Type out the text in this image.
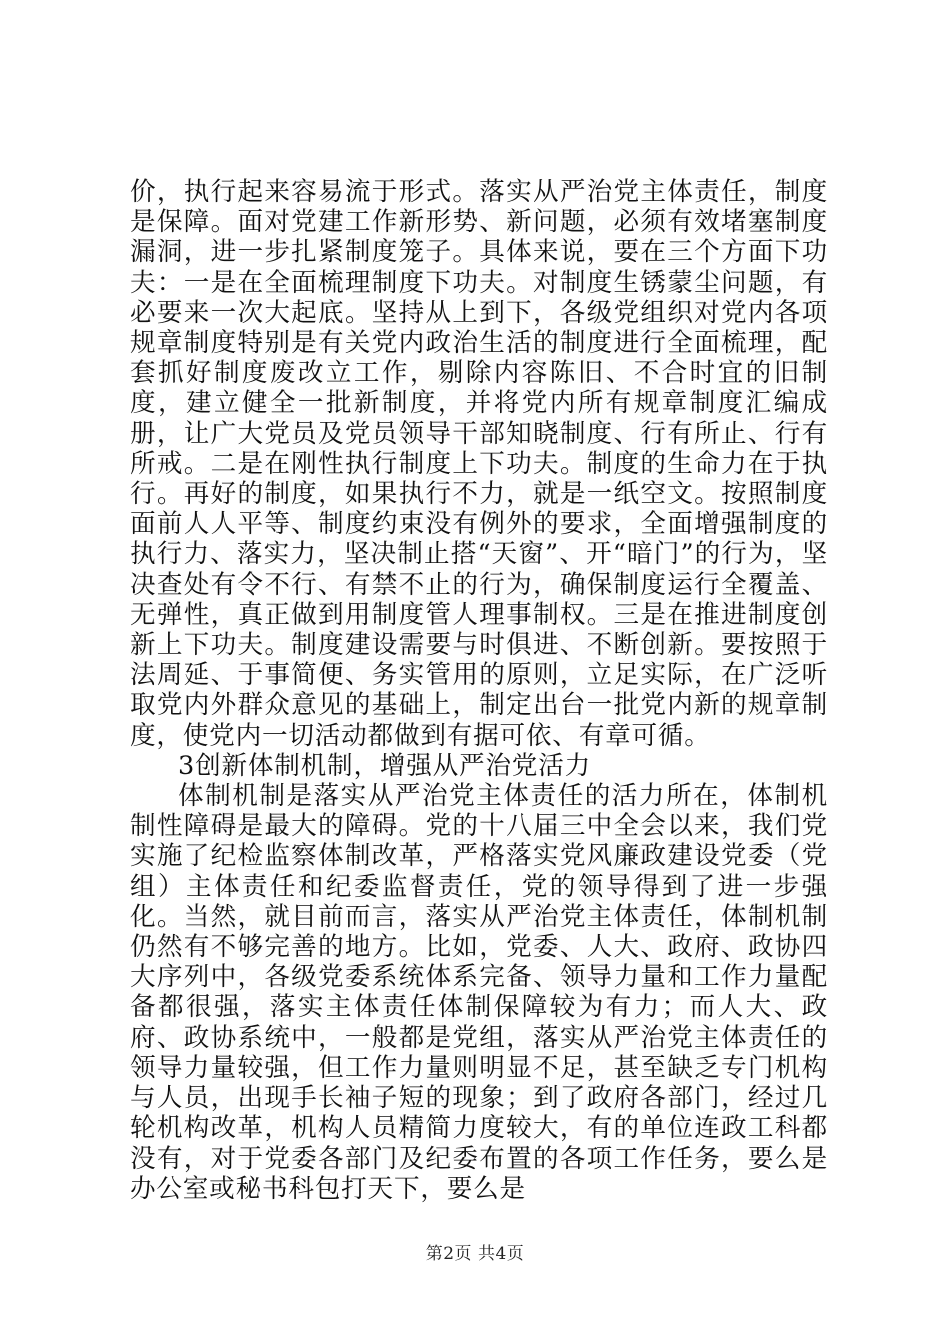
价，执行起来容易流于形式。落实从严治党主体责任，制度是保障。面对党建工作新形势、新问题，必须有效堵塞制度漏洞，进一步扎紧制度笼子。具体来说，要在三个方面下功夫：一是在全面梳理制度下功夫。对制度生锈蒙尘问题，有必要来一次大起底。坚持从上到下，各级党组织对党内各项规章制度特别是有关党内政治生活的制度进行全面梳理，配套抓好制度废改立工作，剔除内容陈旧、不合时宜的旧制度，建立健全一批新制度，并将党内所有规章制度汇编成册，让广大党员及党员领导干部知晓制度、行有所止、行有所戒。二是在刚性执行制度上下功夫。制度的生命力在于执行。再好的制度，如果执行不力，就是一纸空文。按照制度面前人人平等、制度约束没有例外的要求，全面增强制度的执行力、落实力，坚决制止搭“天窗”、开“暗门”的行为，坚决查处有令不行、有禁不止的行为，确保制度运行全覆盖、无弹性，真正做到用制度管人理事制权。三是在推进制度创新上下功夫。制度建设需要与时俱进、不断创新。要按照于法周延、于事简便、务实管用的原则，立足实际，在广泛听取党内外群众意见的基础上，制定出台一批党内新的规章制度，使党内一切活动都做到有据可依、有章可循。

3创新体制机制，增强从严治党活力

体制机制是落实从严治党主体责任的活力所在，体制机制性障碍是最大的障碍。党的十八届三中全会以来，我们党实施了纪检监察体制改革，严格落实党风廉政建设党委（党组）主体责任和纪委监督责任，党的领导得到了进一步强化。当然，就目前而言，落实从严治党主体责任，体制机制仍然有不够完善的地方。比如，党委、人大、政府、政协四大序列中，各级党委系统体系完备、领导力量和工作力量配备都很强，落实主体责任体制保障较为有力；而人大、政府、政协系统中，一般都是党组，落实从严治党主体责任的领导力量较强，但工作力量则明显不足，甚至缺乏专门机构与人员，出现手长袖子短的现象；到了政府各部门，经过几轮机构改革，机构人员精简力度较大，有的单位连政工科都没有，对于党委各部门及纪委布置的各项工作任务，要么是办公室或秘书科包打天下，要么是

第2页 共4页
